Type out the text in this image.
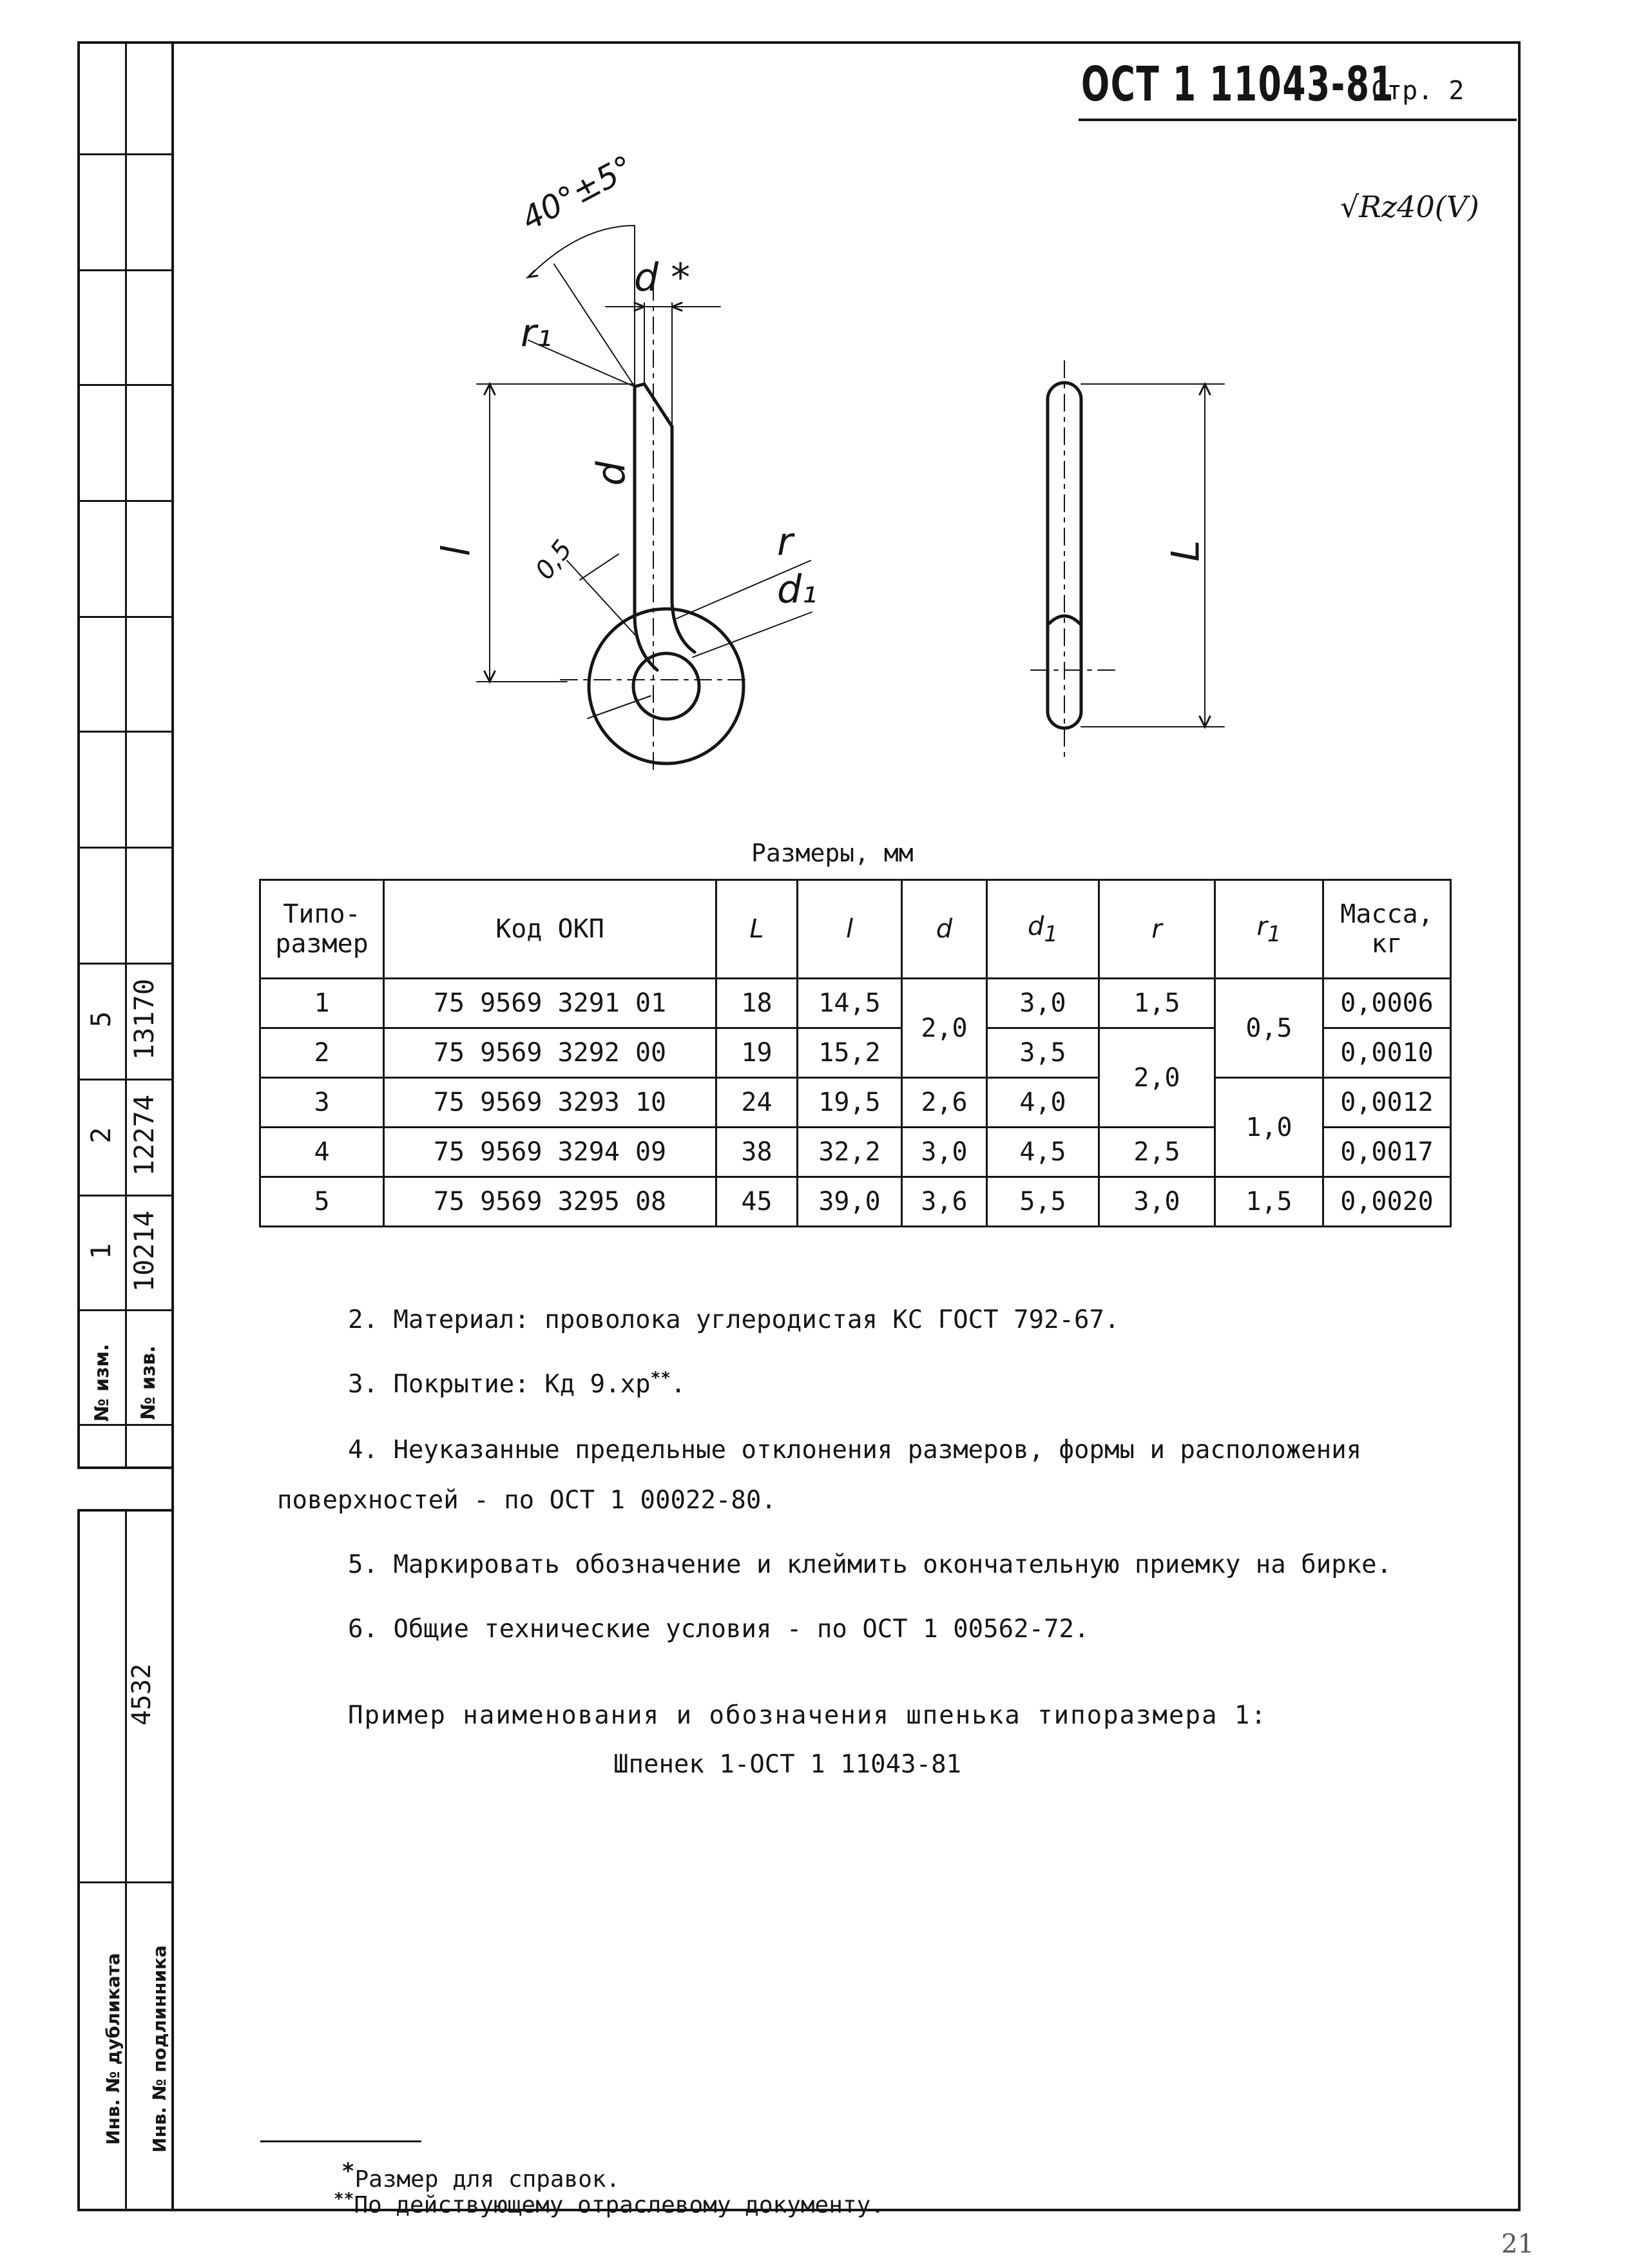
5 13170
2 12274
1 10214
№ изм.	№ изв.
4532
Инв. № дубликата	Инв. № подлинника
ОСТ 1 11043-81
Стр. 2
√Rz40(V)
40°±5°
d *
r₁
d
l 0,5	r
d₁
L
Размеры, мм
Типо-
размер	Код ОКП	L	l	d	$d_1$	r	$r_1$	Масса,
кг
1	75 9569 3291 01	18	14,5	2,0	3,0	1,5	0,5	0,0006
2	75 9569 3292 00	19	15,2		3,5	2,0		0,0010
3	75 9569 3293 10	24	19,5	2,6	4,0		1,0	0,0012
4	75 9569 3294 09	38	32,2	3,0	4,5	2,5		0,0017
5	75 9569 3295 08	45	39,0	3,6	5,5	3,0	1,5	0,0020
2. Материал: проволока углеродистая КС ГОСТ 792-67.
3. Покрытие: Кд 9.хр**.
4. Неуказанные предельные отклонения размеров, формы и расположения
поверхностей - по ОСТ 1 00022-80.
5. Маркировать обозначение и клеймить окончательную приемку на бирке.
6. Общие технические условия - по ОСТ 1 00562-72.
Пример наименования и обозначения шпенька типоразмера 1:
Шпенек 1-ОСТ 1 11043-81
*Размер для справок.
**По действующему отраслевому документу.
21
